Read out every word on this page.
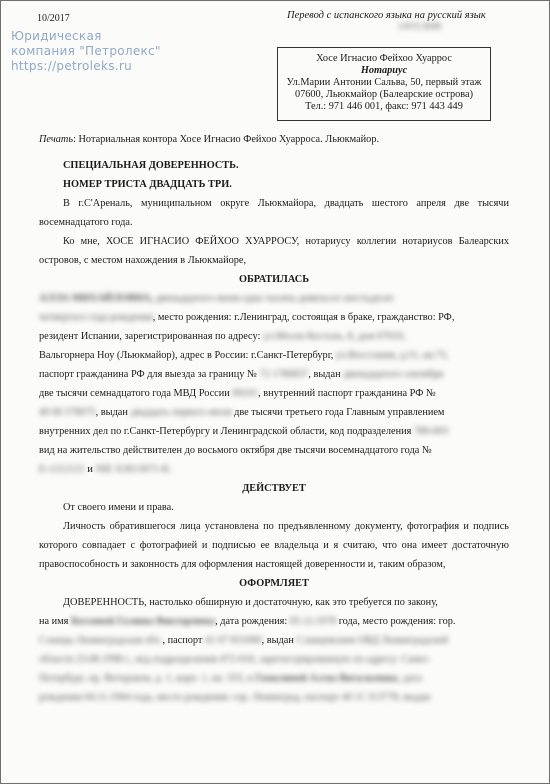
10/2017
LW1C4048
Перевод с испанского языка на русский язык
Юридическая
компания "Петролекс"
https://petroleks.ru
Хосе Игнасио Фейхоо Хуаррос
Нотариус
Ул.Марии Антонии Сальва, 50, первый этаж
07600, Льюкмайор (Балеарские острова)
Тел.: 971 446 001, факс: 971 443 449
Печать: Нотариальная контора Хосе Игнасио Фейхоо Хуарроса. Льюкмайор.

СПЕЦИАЛЬНАЯ ДОВЕРЕННОСТЬ.

НОМЕР ТРИСТА ДВАДЦАТЬ ТРИ.

В г.С'Ареналь, муниципальном округе Льюкмайора, двадцать шестого апреля две тысячи восемнадцатого года.

Ко мне, ХОСЕ ИГНАСИО ФЕЙХОО ХУАРРОСУ, нотариусу коллегии нотариусов Балеарских островов, с местом нахождения в Льюкмайоре,

ОБРАТИЛАСЬ

АЛЛА МИХАЙЛОВНА, двенадцатого июня одна тысяча девятьсот шестьдесят

четвертого года рождения, место рождения: г.Ленинград, состоящая в браке, гражданство: РФ,

резидент Испании, зарегистрированная по адресу: ул.Мосен Косталь, 8, дом 07610,

Вальгорнера Ноу (Льюкмайор), адрес в России: г.Санкт-Петербург, ул.Восстания, д.51, кв.75,

паспорт гражданина РФ для выезда за границу № 72 1780837, выдан двенадцатого сентября

две тысячи семнадцатого года МВД России 00101, внутренний паспорт гражданина РФ №

40 06 578075, выдан двадцать первого июля две тысячи третьего года Главным управлением

внутренних дел по г.Санкт-Петербургу и Ленинградской области, код подразделения 780-003

вид на жительство действителен до восьмого октября две тысячи восемнадцатого года №

Е-1212121 и NIE X3613071-K.

ДЕЙСТВУЕТ

От своего имени и права.

Личность обратившегося лица установлена по предъявленному документу, фотография и подпись которого совпадает с фотографией и подписью ее владельца и я считаю, что она имеет достаточную правоспособность и законность для оформления настоящей доверенности и, таким образом,

ОФОРМЛЯЕТ

ДОВЕРЕННОСТЬ, настолько обширную и достаточную, как это требуется по закону,

на имя Козловой Галины Викторовны, дата рождения: 05.12.1978 года, место рождения: гор.

Сланцы Ленинградская обл., паспорт 41 07 831060, выдан Сланцевским ОВД Ленинградской

области 23.08.1998 г., код подразделения 472-016, зарегистрированную по адресу: Санкт-

Петербург, пр. Ветеранов, д. 1, корп. 1, кв. 333, и Гамалиной Аллы Витальевны, дата

рождения 04.11.1964 года, место рождения: гор. Ленинград, паспорт 40 11 313778, выдан
